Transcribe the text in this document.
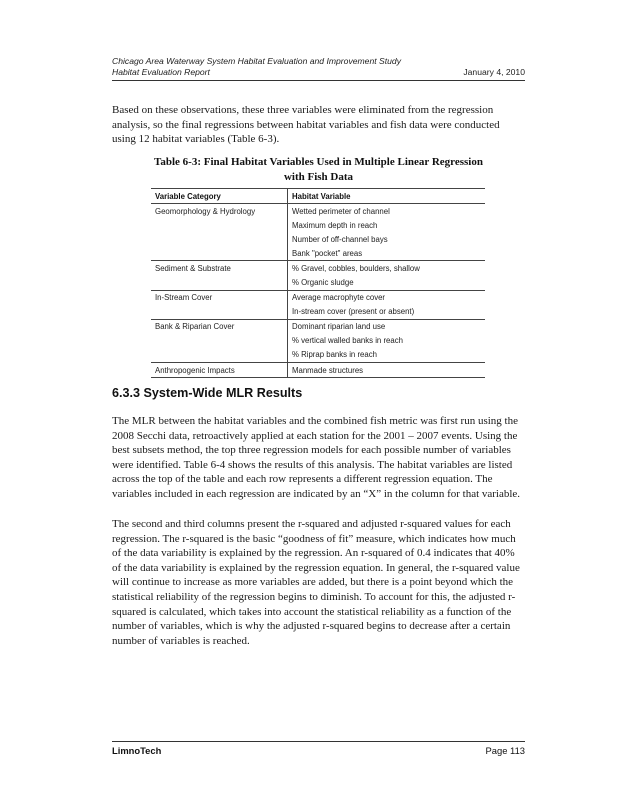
Chicago Area Waterway System Habitat Evaluation and Improvement Study
Habitat Evaluation Report	January 4, 2010

Based on these observations, these three variables were eliminated from the regression analysis, so the final regressions between habitat variables and fish data were conducted using 12 habitat variables (Table 6-3).

Table 6-3: Final Habitat Variables Used in Multiple Linear Regression
with Fish Data
Variable Category	Habitat Variable
Geomorphology & Hydrology	Wetted perimeter of channel
	Maximum depth in reach
	Number of off-channel bays
	Bank "pocket" areas
Sediment & Substrate	% Gravel, cobbles, boulders, shallow
	% Organic sludge
In-Stream Cover	Average macrophyte cover
	In-stream cover (present or absent)
Bank & Riparian Cover	Dominant riparian land use
	% vertical walled banks in reach
	% Riprap banks in reach
Anthropogenic Impacts	Manmade structures
6.3.3 System-Wide MLR Results

The MLR between the habitat variables and the combined fish metric was first run using the 2008 Secchi data, retroactively applied at each station for the 2001 – 2007 events. Using the best subsets method, the top three regression models for each possible number of variables were identified. Table 6-4 shows the results of this analysis. The habitat variables are listed across the top of the table and each row represents a different regression equation. The variables included in each regression are indicated by an “X” in the column for that variable.

The second and third columns present the r-squared and adjusted r-squared values for each regression. The r-squared is the basic “goodness of fit” measure, which indicates how much of the data variability is explained by the regression. An r-squared of 0.4 indicates that 40% of the data variability is explained by the regression equation. In general, the r-squared value will continue to increase as more variables are added, but there is a point beyond which the statistical reliability of the regression begins to diminish. To account for this, the adjusted r-squared is calculated, which takes into account the statistical reliability as a function of the number of variables, which is why the adjusted r-squared begins to decrease after a certain number of variables is reached.

LimnoTech	Page 113
